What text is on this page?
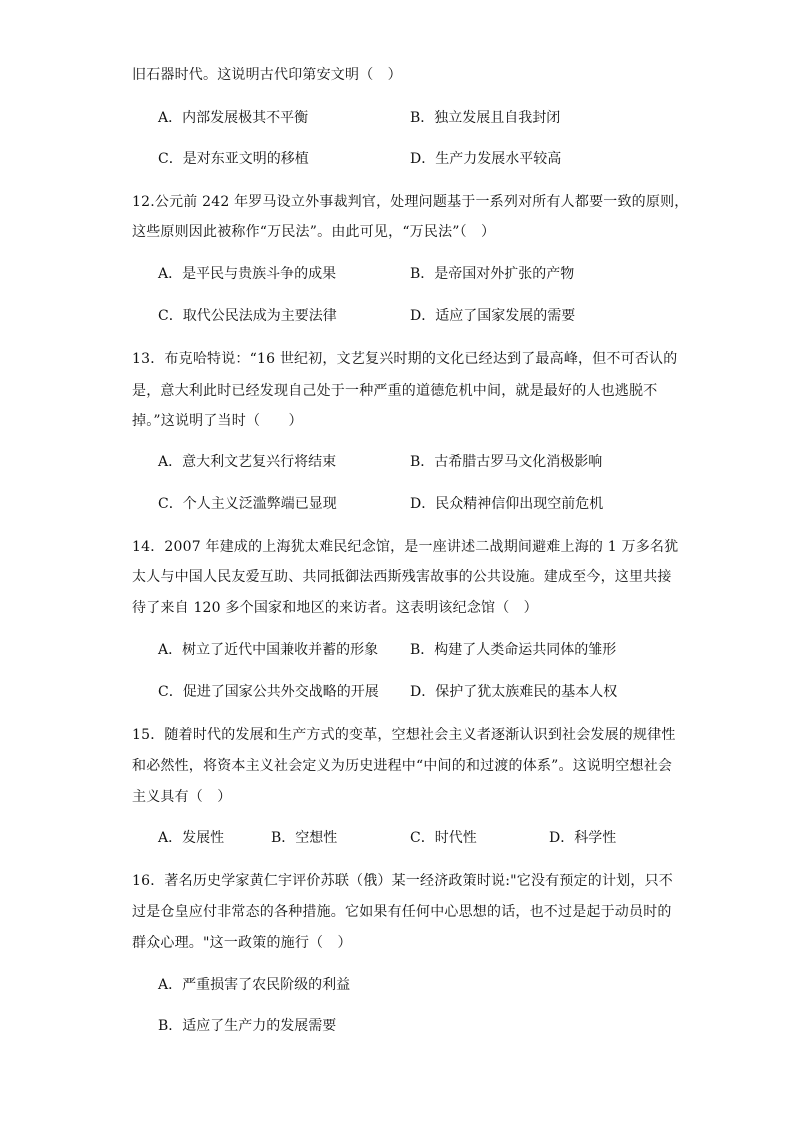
旧石器时代。这说明古代印第安文明（　）
A．内部发展极其不平衡	B．独立发展且自我封闭
C．是对东亚文明的移植	D．生产力发展水平较高
12.公元前 242 年罗马设立外事裁判官，处理问题基于一系列对所有人都要一致的原则，
这些原则因此被称作“万民法”。由此可见，“万民法”（　）
A．是平民与贵族斗争的成果	B．是帝国对外扩张的产物
C．取代公民法成为主要法律	D．适应了国家发展的需要
13．布克哈特说：“16 世纪初，文艺复兴时期的文化已经达到了最高峰，但不可否认的
是，意大利此时已经发现自己处于一种严重的道德危机中间，就是最好的人也逃脱不
掉。”这说明了当时（　　）
A．意大利文艺复兴行将结束	B．古希腊古罗马文化消极影响
C．个人主义泛滥弊端已显现	D．民众精神信仰出现空前危机
14．2007 年建成的上海犹太难民纪念馆，是一座讲述二战期间避难上海的 1 万多名犹
太人与中国人民友爱互助、共同抵御法西斯残害故事的公共设施。建成至今，这里共接
待了来自 120 多个国家和地区的来访者。这表明该纪念馆（　）
A．树立了近代中国兼收并蓄的形象 B．构建了人类命运共同体的雏形
C．促进了国家公共外交战略的开展 D．保护了犹太族难民的基本人权
15．随着时代的发展和生产方式的变革，空想社会主义者逐渐认识到社会发展的规律性
和必然性，将资本主义社会定义为历史进程中“中间的和过渡的体系”。这说明空想社会
主义具有（　）
A．发展性	B．空想性	C．时代性	D．科学性
16．著名历史学家黄仁宇评价苏联（俄）某一经济政策时说:"它没有预定的计划，只不
过是仓皇应付非常态的各种措施。它如果有任何中心思想的话，也不过是起于动员时的
群众心理。"这一政策的施行（　）
A．严重损害了农民阶级的利益
B．适应了生产力的发展需要
